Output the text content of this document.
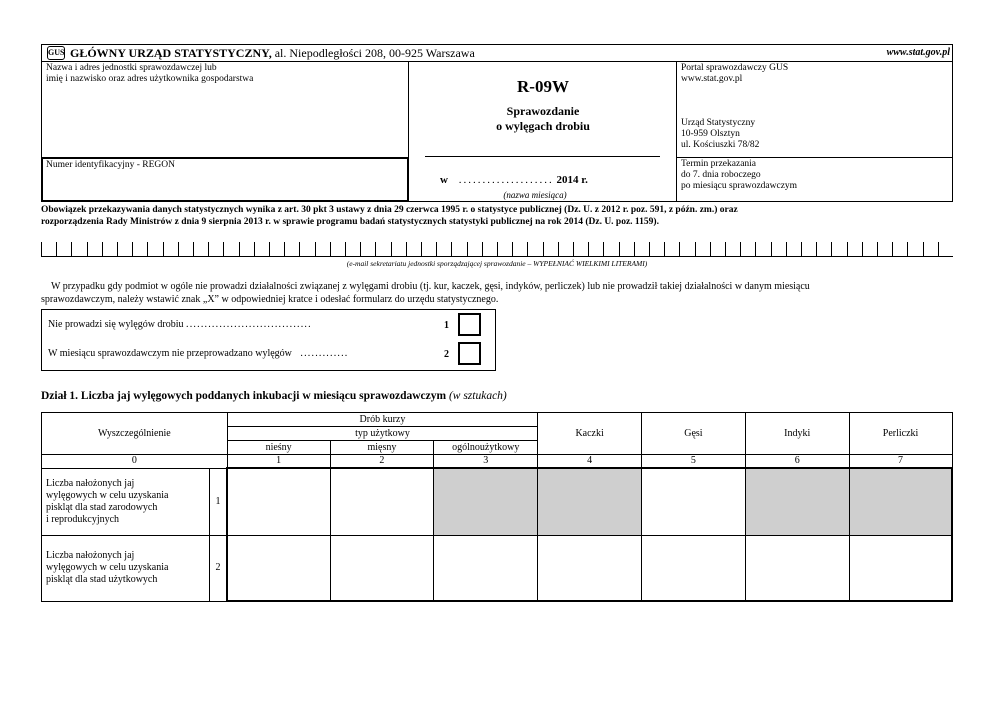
GUS GŁÓWNY URZĄD STATYSTYCZNY, al. Niepodległości 208, 00-925 Warszawa	www.stat.gov.pl
Nazwa i adres jednostki sprawozdawczej lub
imię i nazwisko oraz adres użytkownika gospodarstwa
Numer identyfikacyjny - REGON
R-09W
Sprawozdanie
o wylęgach drobiu
w .................... 2014 r.
(nazwa miesiąca)
Portal sprawozdawczy GUS
www.stat.gov.pl
Urząd Statystyczny
10-959 Olsztyn
ul. Kościuszki 78/82
Termin przekazania
do 7. dnia roboczego
po miesiącu sprawozdawczym
Obowiązek przekazywania danych statystycznych wynika z art. 30 pkt 3 ustawy z dnia 29 czerwca 1995 r. o statystyce publicznej (Dz. U. z 2012 r. poz. 591, z późn. zm.) oraz
rozporządzenia Rady Ministrów z dnia 9 sierpnia 2013 r. w sprawie programu badań statystycznych statystyki publicznej na rok 2014 (Dz. U. poz. 1159).
(e-mail sekretariatu jednostki sporządzającej sprawozdanie – WYPEŁNIAĆ WIELKIMI LITERAMI)
W przypadku gdy podmiot w ogóle nie prowadzi działalności związanej z wylęgami drobiu (tj. kur, kaczek, gęsi, indyków, perliczek) lub nie prowadził takiej działalności w danym miesiącu
sprawozdawczym, należy wstawić znak „X” w odpowiedniej kratce i odesłać formularz do urzędu statystycznego.
Nie prowadzi się wylęgów drobiu ..................................	1
W miesiącu sprawozdawczym nie przeprowadzano wylęgów .............	2
Dział 1. Liczba jaj wylęgowych poddanych inkubacji w miesiącu sprawozdawczym (w sztukach)
Wyszczególnienie		Drób kurzy			Kaczki	Gęsi	Indyki	Perliczki
		typ użytkowy						
		nieśny	mięsny	ogólnoużytkowy				
0		1	2	3	4	5	6	7

Liczba nałożonych jaj
wylęgowych w celu uzyskania
piskląt dla stad zarodowych
i reprodukcyjnych	1							

Liczba nałożonych jaj
wylęgowych w celu uzyskania
piskląt dla stad użytkowych	2							
